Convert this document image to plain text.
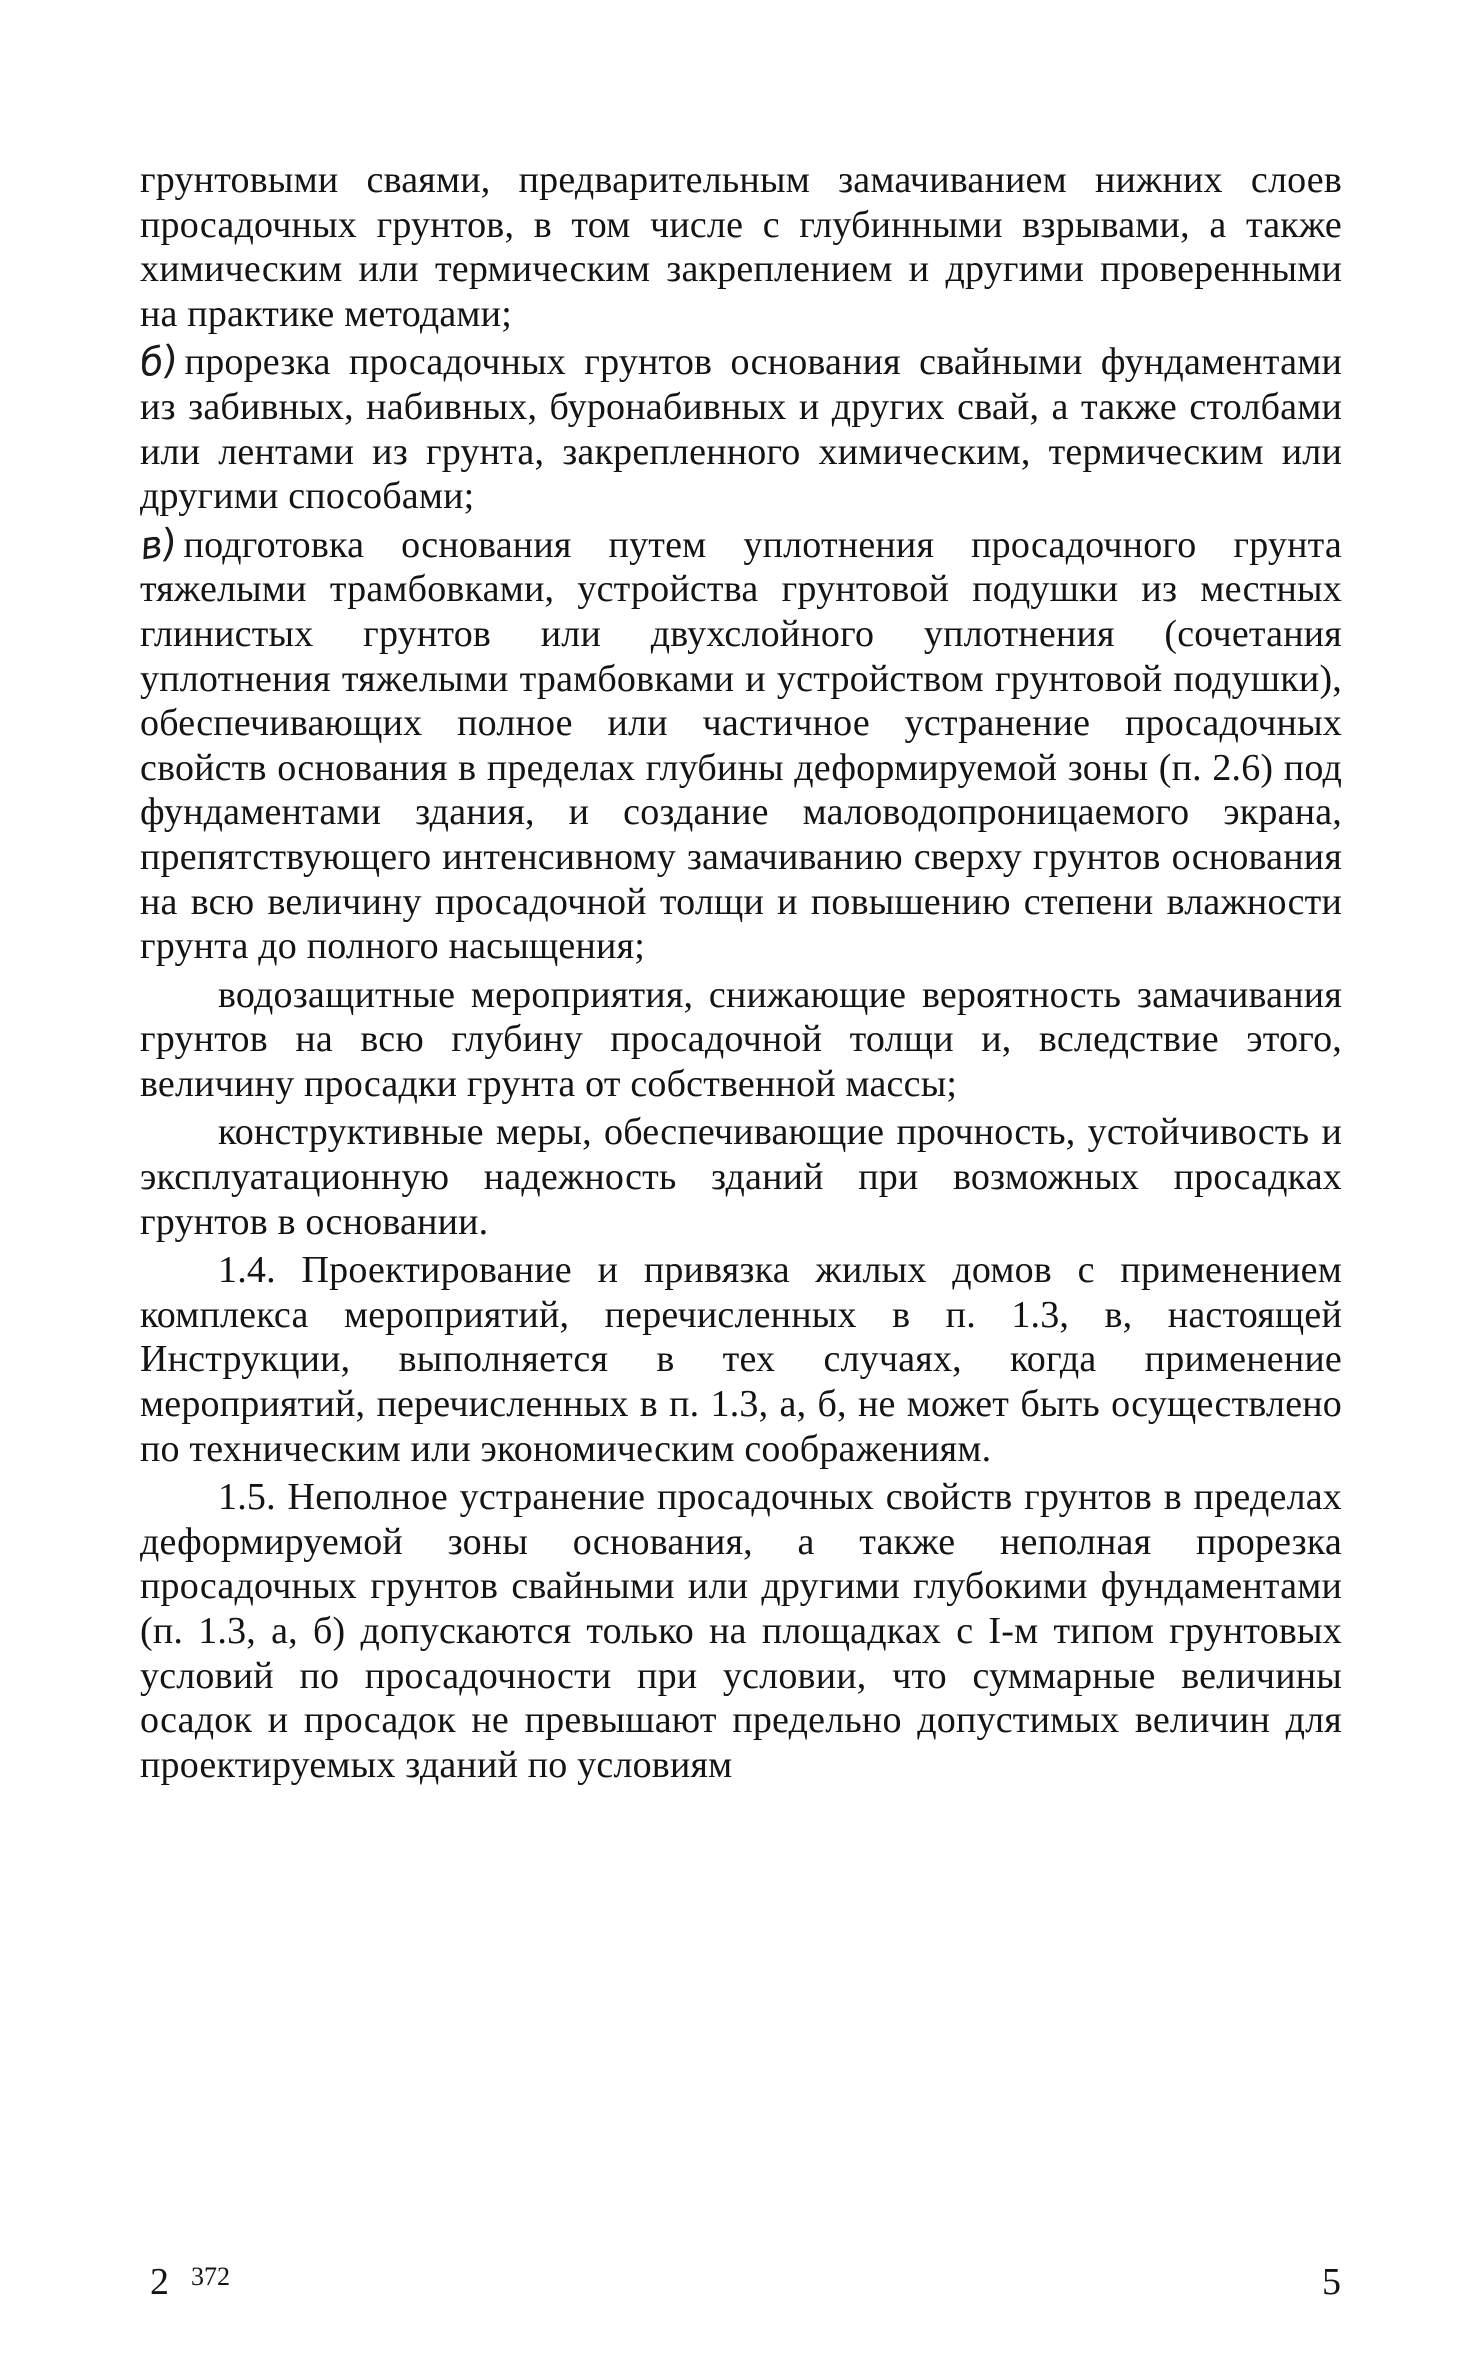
грунтовыми сваями, предварительным замачиванием нижних слоев просадочных грунтов, в том числе с глубинными взрывами, а также химическим или термическим закреплением и другими проверенными на практике методами;

б)прорезка просадочных грунтов основания свайными фундаментами из забивных, набивных, буронабивных и других свай, а также столбами или лентами из грунта, закрепленного химическим, термическим или другими способами;

в)подготовка основания путем уплотнения просадочного грунта тяжелыми трамбовками, устройства грунтовой подушки из местных глинистых грунтов или двухслойного уплотнения (сочетания уплотнения тяжелыми трамбовками и устройством грунтовой подушки), обеспечивающих полное или частичное устранение просадочных свойств основания в пределах глубины деформируемой зоны (п. 2.6) под фундаментами здания, и создание маловодопроницаемого экрана, препятствующего интенсивному замачиванию сверху грунтов основания на всю величину просадочной толщи и повышению степени влажности грунта до полного насыщения;

водозащитные мероприятия, снижающие вероятность замачивания грунтов на всю глубину просадочной толщи и, вследствие этого, величину просадки грунта от собственной массы;

конструктивные меры, обеспечивающие прочность, устойчивость и эксплуатационную надежность зданий при возможных просадках грунтов в основании.

1.4. Проектирование и привязка жилых домов с применением комплекса мероприятий, перечисленных в п. 1.3, в, настоящей Инструкции, выполняется в тех случаях, когда применение мероприятий, перечисленных в п. 1.3, а, б, не может быть осуществлено по техническим или экономическим соображениям.

1.5. Неполное устранение просадочных свойств грунтов в пределах деформируемой зоны основания, а также неполная прорезка просадочных грунтов свайными или другими глубокими фундаментами (п. 1.3, а, б) допускаются только на площадках с I-м типом грунтовых условий по просадочности при условии, что суммарные величины осадок и просадок не превышают предельно допустимых величин для проектируемых зданий по условиям

2 372	5
